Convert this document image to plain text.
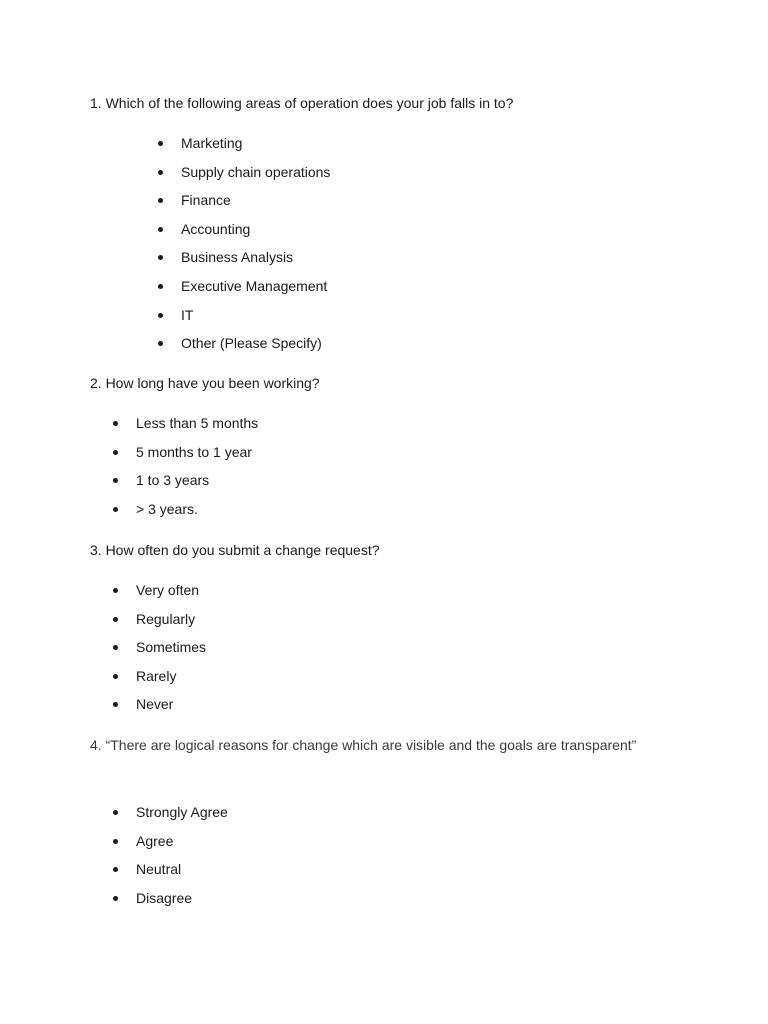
1. Which of the following areas of operation does your job falls in to?

Marketing
Supply chain operations
Finance
Accounting
Business Analysis
Executive Management
IT
Other (Please Specify)

2. How long have you been working?

Less than 5 months
5 months to 1 year
1 to 3 years
> 3 years.

3. How often do you submit a change request?

Very often
Regularly
Sometimes
Rarely
Never

4. “There are logical reasons for change which are visible and the goals are transparent”

Strongly Agree
Agree
Neutral
Disagree
